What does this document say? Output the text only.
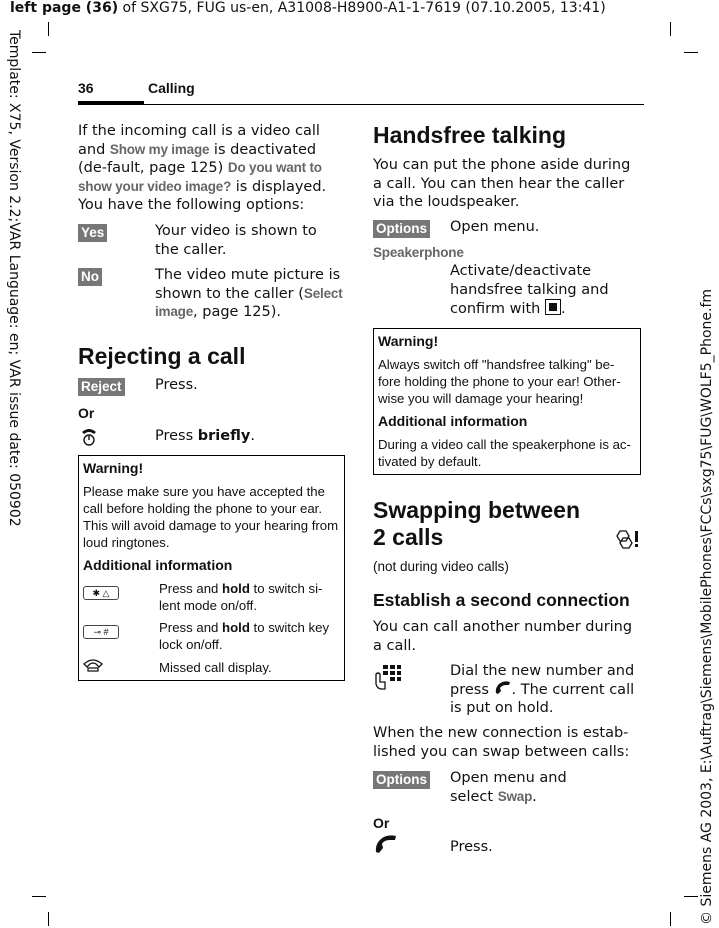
left page (36) of SXG75, FUG us-en, A31008-H8900-A1-1-7619 (07.10.2005, 13:41)
Template: X75, Version 2.2;VAR Language: en; VAR issue date: 050902
© Siemens AG 2003, E:\Auftrag\Siemens\MobilePhones\FCCs\sxg75\FUG\WOLF5_Phone.fm
36	Calling
If the incoming call is a video call and Show my image is deactivated (de-fault, page 125) Do you want to show your video image? is displayed. You have the following options:
Yes	Your video is shown to the caller.
No	The video mute picture is shown to the caller (Select image, page 125).
Rejecting a call
Reject Press.
Or
Press briefly.
Warning!
Please make sure you have accepted the call before holding the phone to your ear. This will avoid damage to your hearing from loud ringtones.
Additional information
✱ △	Press and hold to switch si-lent mode on/off.
⊸ #	Press and hold to switch key lock on/off.
Missed call display.
Handsfree talking
You can put the phone aside during a call. You can then hear the caller via the loudspeaker.
Options Open menu.
Speakerphone
Activate/deactivate handsfree talking and confirm with .
Warning!
Always switch off "handsfree talking" be-fore holding the phone to your ear! Other-wise you will damage your hearing!
Additional information
During a video call the speakerphone is ac-tivated by default.
Swapping between
2 calls
(not during video calls)
Establish a second connection
You can call another number during a call.
Dial the new number and press . The current call is put on hold.
When the new connection is estab-lished you can swap between calls:
Options Open menu and select Swap.
Or
Press.
